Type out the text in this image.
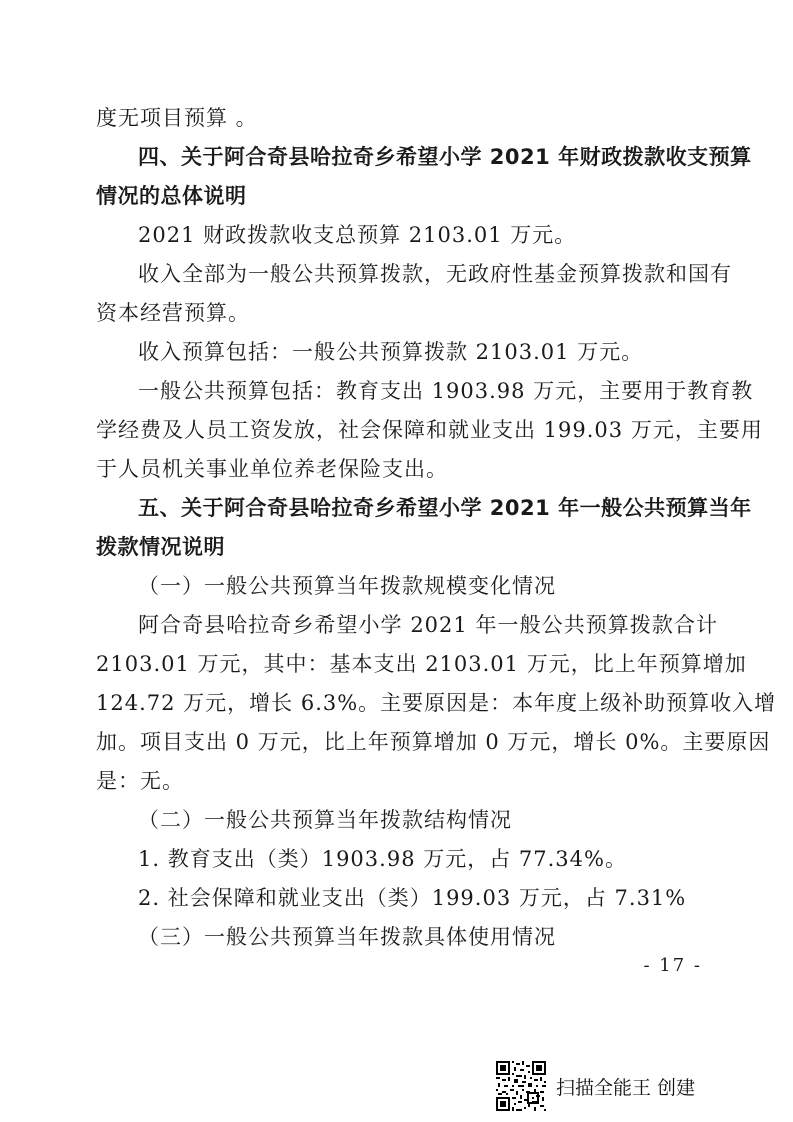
度无项目预算 。
四、关于阿合奇县哈拉奇乡希望小学 2021 年财政拨款收支预算
情况的总体说明
2021 财政拨款收支总预算 2103.01 万元。
收入全部为一般公共预算拨款，无政府性基金预算拨款和国有
资本经营预算。
收入预算包括：一般公共预算拨款 2103.01 万元。
一般公共预算包括：教育支出 1903.98 万元，主要用于教育教
学经费及人员工资发放，社会保障和就业支出 199.03 万元，主要用
于人员机关事业单位养老保险支出。
五、关于阿合奇县哈拉奇乡希望小学 2021 年一般公共预算当年
拨款情况说明
（一）一般公共预算当年拨款规模变化情况
阿合奇县哈拉奇乡希望小学 2021 年一般公共预算拨款合计
2103.01 万元，其中：基本支出 2103.01 万元，比上年预算增加
124.72 万元，增长 6.3%。主要原因是：本年度上级补助预算收入增
加。项目支出 0 万元，比上年预算增加 0 万元，增长 0%。主要原因
是：无。
（二）一般公共预算当年拨款结构情况
1. 教育支出（类）1903.98 万元，占 77.34%。
2. 社会保障和就业支出（类）199.03 万元，占 7.31%
（三）一般公共预算当年拨款具体使用情况
- 17 -
扫描全能王 创建
